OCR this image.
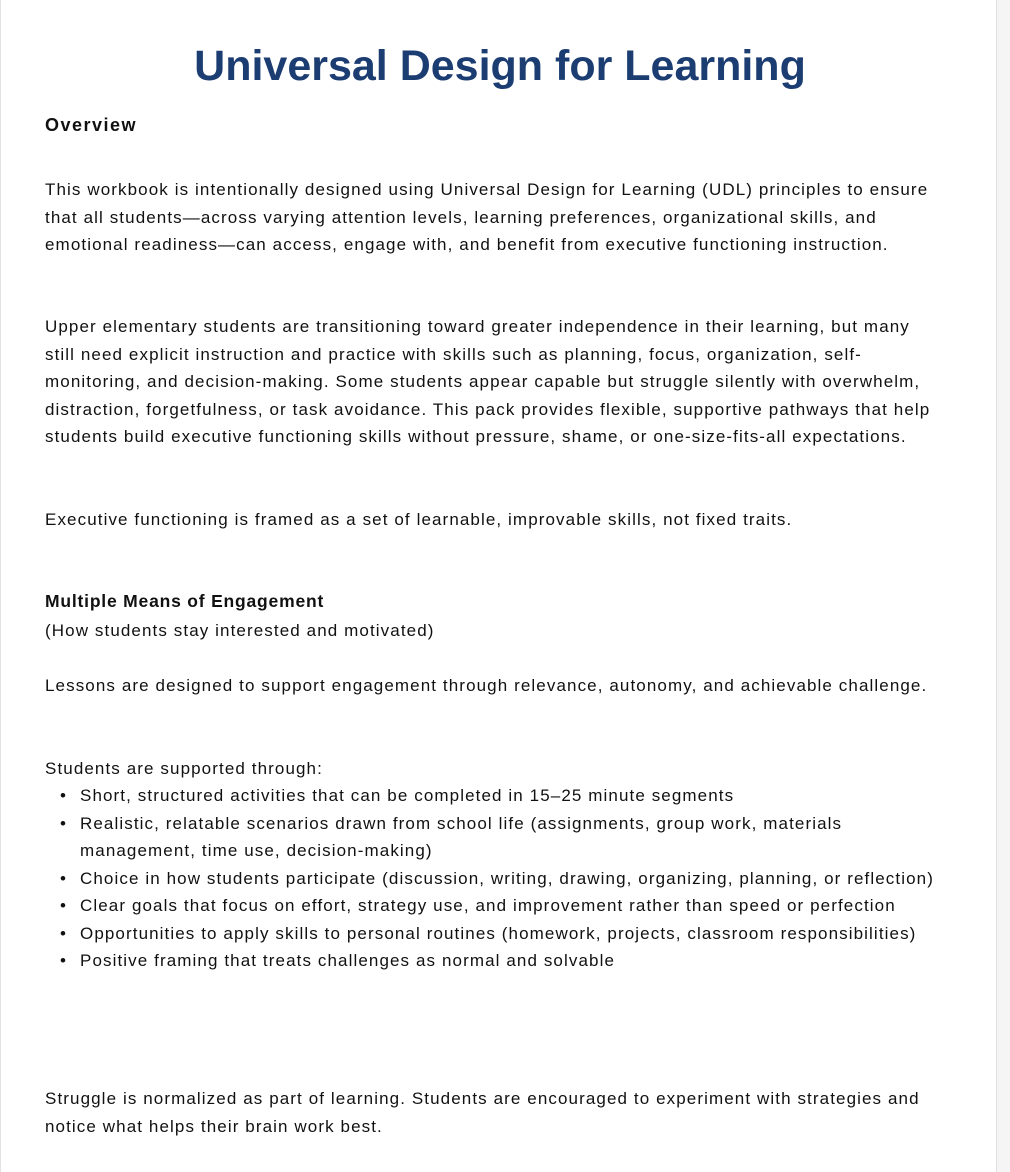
Universal Design for Learning
Overview

This workbook is intentionally designed using Universal Design for Learning (UDL) principles to ensure that all students—across varying attention levels, learning preferences, organizational skills, and emotional readiness—can access, engage with, and benefit from executive functioning instruction.

Upper elementary students are transitioning toward greater independence in their learning, but many still need explicit instruction and practice with skills such as planning, focus, organization, self-monitoring, and decision-making. Some students appear capable but struggle silently with overwhelm, distraction, forgetfulness, or task avoidance. This pack provides flexible, supportive pathways that help students build executive functioning skills without pressure, shame, or one-size-fits-all expectations.

Executive functioning is framed as a set of learnable, improvable skills, not fixed traits.

Multiple Means of Engagement

(How students stay interested and motivated)

Lessons are designed to support engagement through relevance, autonomy, and achievable challenge.

Students are supported through:

• Short, structured activities that can be completed in 15–25 minute segments
• Realistic, relatable scenarios drawn from school life (assignments, group work, materials management, time use, decision-making)
• Choice in how students participate (discussion, writing, drawing, organizing, planning, or reflection)
• Clear goals that focus on effort, strategy use, and improvement rather than speed or perfection
• Opportunities to apply skills to personal routines (homework, projects, classroom responsibilities)
• Positive framing that treats challenges as normal and solvable

Struggle is normalized as part of learning. Students are encouraged to experiment with strategies and notice what helps their brain work best.
